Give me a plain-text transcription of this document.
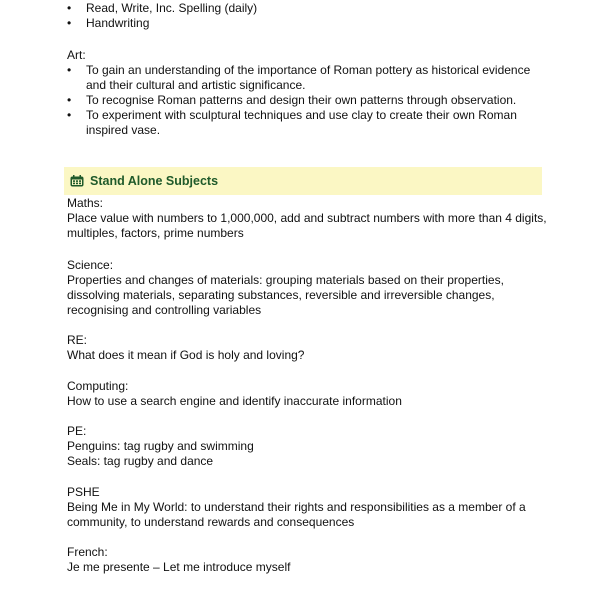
• Read, Write, Inc. Spelling (daily)
• Handwriting
Art:
• To gain an understanding of the importance of Roman pottery as historical evidence and their cultural and artistic significance.
• To recognise Roman patterns and design their own patterns through observation.
• To experiment with sculptural techniques and use clay to create their own Roman inspired vase.
Stand Alone Subjects
Maths:
Place value with numbers to 1,000,000, add and subtract numbers with more than 4 digits, multiples, factors, prime numbers
Science:
Properties and changes of materials: grouping materials based on their properties, dissolving materials, separating substances, reversible and irreversible changes, recognising and controlling variables
RE:
What does it mean if God is holy and loving?
Computing:
How to use a search engine and identify inaccurate information
PE:
Penguins: tag rugby and swimming
Seals: tag rugby and dance
PSHE
Being Me in My World: to understand their rights and responsibilities as a member of a community, to understand rewards and consequences
French:
Je me presente – Let me introduce myself
